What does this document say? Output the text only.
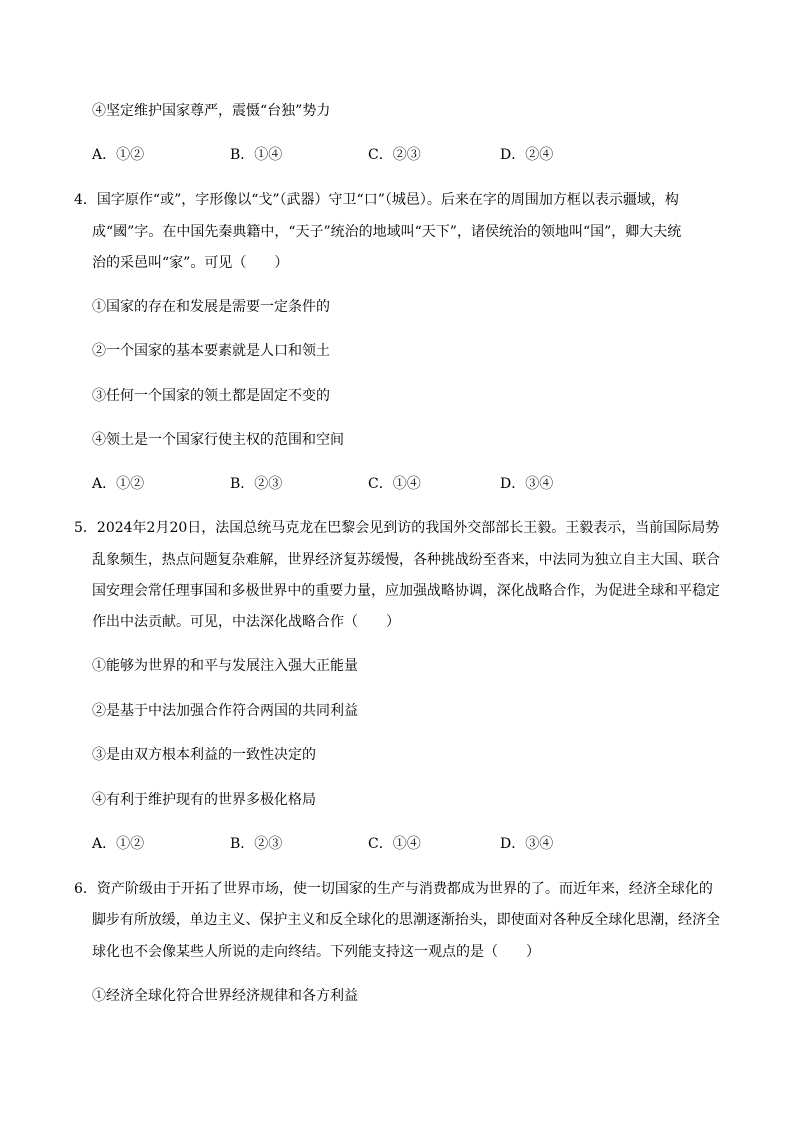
④坚定维护国家尊严，震慑“台独”势力
A．①②	B．①④	C．②③	D．②④
4．国字原作“或”，字形像以“戈”（武器）守卫“口”（城邑）。后来在字的周围加方框以表示疆域，构
成“國”字。在中国先秦典籍中，“天子”统治的地域叫“天下”，诸侯统治的领地叫“国”，卿大夫统
治的采邑叫“家”。可见（　　）
①国家的存在和发展是需要一定条件的
②一个国家的基本要素就是人口和领土
③任何一个国家的领土都是固定不变的
④领土是一个国家行使主权的范围和空间
A．①②	B．②③	C．①④	D．③④
5．2024年2月20日，法国总统马克龙在巴黎会见到访的我国外交部部长王毅。王毅表示，当前国际局势
乱象频生，热点问题复杂难解，世界经济复苏缓慢，各种挑战纷至沓来，中法同为独立自主大国、联合
国安理会常任理事国和多极世界中的重要力量，应加强战略协调，深化战略合作，为促进全球和平稳定
作出中法贡献。可见，中法深化战略合作（　　）
①能够为世界的和平与发展注入强大正能量
②是基于中法加强合作符合两国的共同利益
③是由双方根本利益的一致性决定的
④有利于维护现有的世界多极化格局
A．①②	B．②③	C．①④	D．③④
6．资产阶级由于开拓了世界市场，使一切国家的生产与消费都成为世界的了。而近年来，经济全球化的
脚步有所放缓，单边主义、保护主义和反全球化的思潮逐渐抬头，即使面对各种反全球化思潮，经济全
球化也不会像某些人所说的走向终结。下列能支持这一观点的是（　　）
①经济全球化符合世界经济规律和各方利益
